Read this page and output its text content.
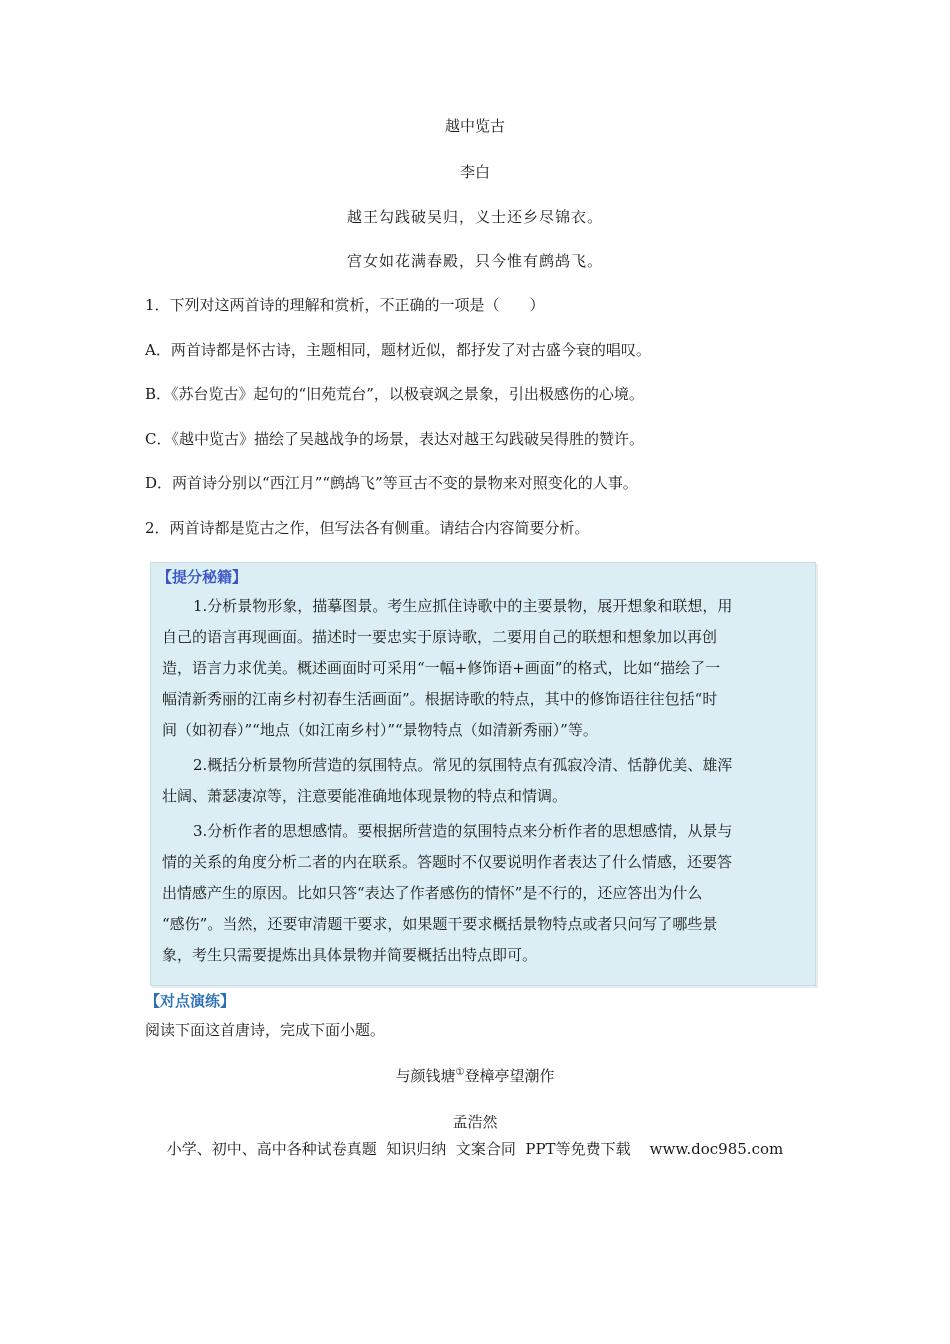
越中览古
李白
越王勾践破吴归，义士还乡尽锦衣。
宫女如花满春殿，只今惟有鹧鸪飞。
1．下列对这两首诗的理解和赏析，不正确的一项是（　　）
A．两首诗都是怀古诗，主题相同，题材近似，都抒发了对古盛今衰的唱叹。
B．《苏台览古》起句的“旧苑荒台”，以极衰飒之景象，引出极感伤的心境。
C．《越中览古》描绘了吴越战争的场景，表达对越王勾践破吴得胜的赞许。
D．两首诗分别以“西江月”“鹧鸪飞”等亘古不变的景物来对照变化的人事。
2．两首诗都是览古之作，但写法各有侧重。请结合内容简要分析。
【提分秘籍】
1.分析景物形象，描摹图景。考生应抓住诗歌中的主要景物，展开想象和联想，用
自己的语言再现画面。描述时一要忠实于原诗歌，二要用自己的联想和想象加以再创
造，语言力求优美。概述画面时可采用“一幅+修饰语+画面”的格式，比如“描绘了一
幅清新秀丽的江南乡村初春生活画面”。根据诗歌的特点，其中的修饰语往往包括“时
间（如初春）”“地点（如江南乡村）”“景物特点（如清新秀丽）”等。
2.概括分析景物所营造的氛围特点。常见的氛围特点有孤寂冷清、恬静优美、雄浑
壮阔、萧瑟凄凉等，注意要能准确地体现景物的特点和情调。
3.分析作者的思想感情。要根据所营造的氛围特点来分析作者的思想感情，从景与
情的关系的角度分析二者的内在联系。答题时不仅要说明作者表达了什么情感，还要答
出情感产生的原因。比如只答“表达了作者感伤的情怀”是不行的，还应答出为什么
“感伤”。当然，还要审清题干要求，如果题干要求概括景物特点或者只问写了哪些景
象，考生只需要提炼出具体景物并简要概括出特点即可。
【对点演练】
阅读下面这首唐诗，完成下面小题。
与颜钱塘①登樟亭望潮作
孟浩然
小学、初中、高中各种试卷真题  知识归纳  文案合同  PPT等免费下载    www.doc985.com
